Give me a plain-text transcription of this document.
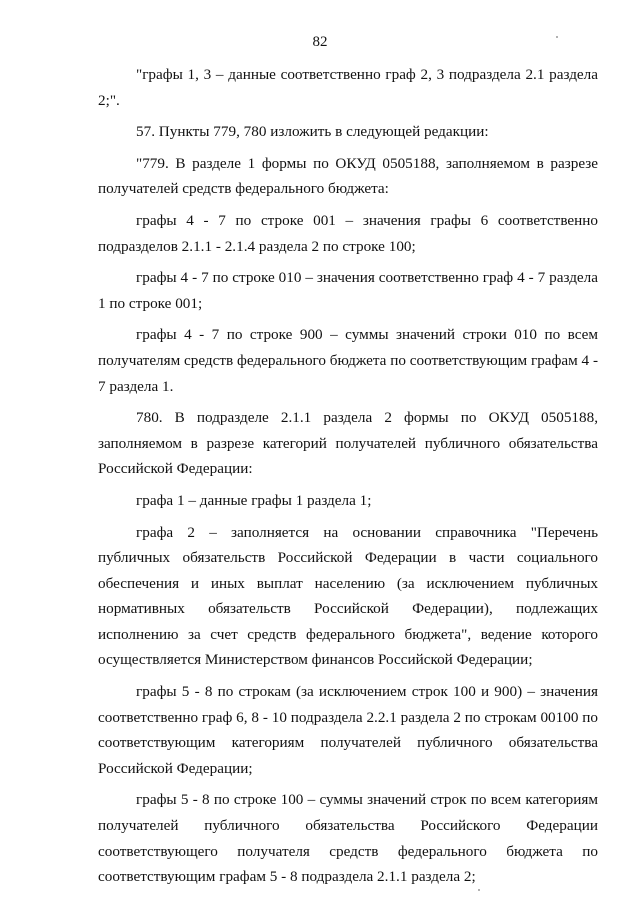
82

"графы 1, 3 – данные соответственно граф 2, 3 подраздела 2.1 раздела 2;".

57. Пункты 779, 780 изложить в следующей редакции:

"779. В разделе 1 формы по ОКУД 0505188, заполняемом в разрезе получателей средств федерального бюджета:

графы 4 - 7 по строке 001 – значения графы 6 соответственно подразделов 2.1.1 - 2.1.4 раздела 2 по строке 100;

графы 4 - 7 по строке 010 – значения соответственно граф 4 - 7 раздела 1 по строке 001;

графы 4 - 7 по строке 900 – суммы значений строки 010 по всем получателям средств федерального бюджета по соответствующим графам 4 - 7 раздела 1.

780. В подразделе 2.1.1 раздела 2 формы по ОКУД 0505188, заполняемом в разрезе категорий получателей публичного обязательства Российской Федерации:

графа 1 – данные графы 1 раздела 1;

графа 2 – заполняется на основании справочника "Перечень публичных обязательств Российской Федерации в части социального обеспечения и иных выплат населению (за исключением публичных нормативных обязательств Российской Федерации), подлежащих исполнению за счет средств федерального бюджета", ведение которого осуществляется Министерством финансов Российской Федерации;

графы 5 - 8 по строкам (за исключением строк 100 и 900) – значения соответственно граф 6, 8 - 10 подраздела 2.2.1 раздела 2 по строкам 00100 по соответствующим категориям получателей публичного обязательства Российской Федерации;

графы 5 - 8 по строке 100 – суммы значений строк по всем категориям получателей публичного обязательства Российского Федерации соответствующего получателя средств федерального бюджета по соответствующим графам 5 - 8 подраздела 2.1.1 раздела 2;
